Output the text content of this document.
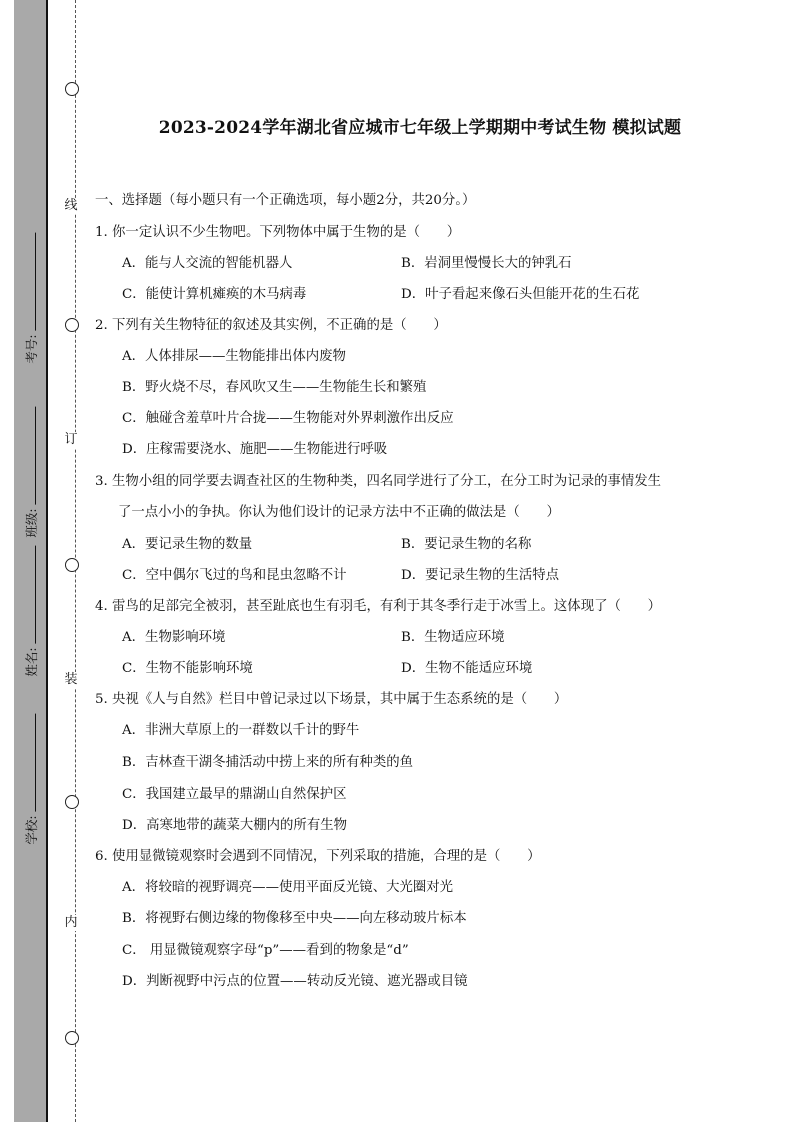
线
订
装
内
学校:
姓名:
班级:
考号:
2023-2024学年湖北省应城市七年级上学期期中考试生物 模拟试题
一、选择题（每小题只有一个正确选项，每小题2分，共20分。）
1. 你一定认识不少生物吧。下列物体中属于生物的是（　　）
A．能与人交流的智能机器人	B．岩洞里慢慢长大的钟乳石
C．能使计算机瘫痪的木马病毒	D．叶子看起来像石头但能开花的生石花
2. 下列有关生物特征的叙述及其实例，不正确的是（　　）
A．人体排尿——生物能排出体内废物
B．野火烧不尽，春风吹又生——生物能生长和繁殖
C．触碰含羞草叶片合拢——生物能对外界刺激作出反应
D．庄稼需要浇水、施肥——生物能进行呼吸
3. 生物小组的同学要去调查社区的生物种类，四名同学进行了分工，在分工时为记录的事情发生
了一点小小的争执。你认为他们设计的记录方法中不正确的做法是（　　）
A．要记录生物的数量	B．要记录生物的名称
C．空中偶尔飞过的鸟和昆虫忽略不计	D．要记录生物的生活特点
4. 雷鸟的足部完全被羽，甚至趾底也生有羽毛，有利于其冬季行走于冰雪上。这体现了（　　）
A．生物影响环境	B．生物适应环境
C．生物不能影响环境	D．生物不能适应环境
5. 央视《人与自然》栏目中曾记录过以下场景，其中属于生态系统的是（　　）
A．非洲大草原上的一群数以千计的野牛
B．吉林查干湖冬捕活动中捞上来的所有种类的鱼
C．我国建立最早的鼎湖山自然保护区
D．高寒地带的蔬菜大棚内的所有生物
6. 使用显微镜观察时会遇到不同情况，下列采取的措施，合理的是（　　）
A．将较暗的视野调亮——使用平面反光镜、大光圈对光
B．将视野右侧边缘的物像移至中央——向左移动玻片标本
C． 用显微镜观察字母“p”——看到的物象是“d”
D．判断视野中污点的位置——转动反光镜、遮光器或目镜
